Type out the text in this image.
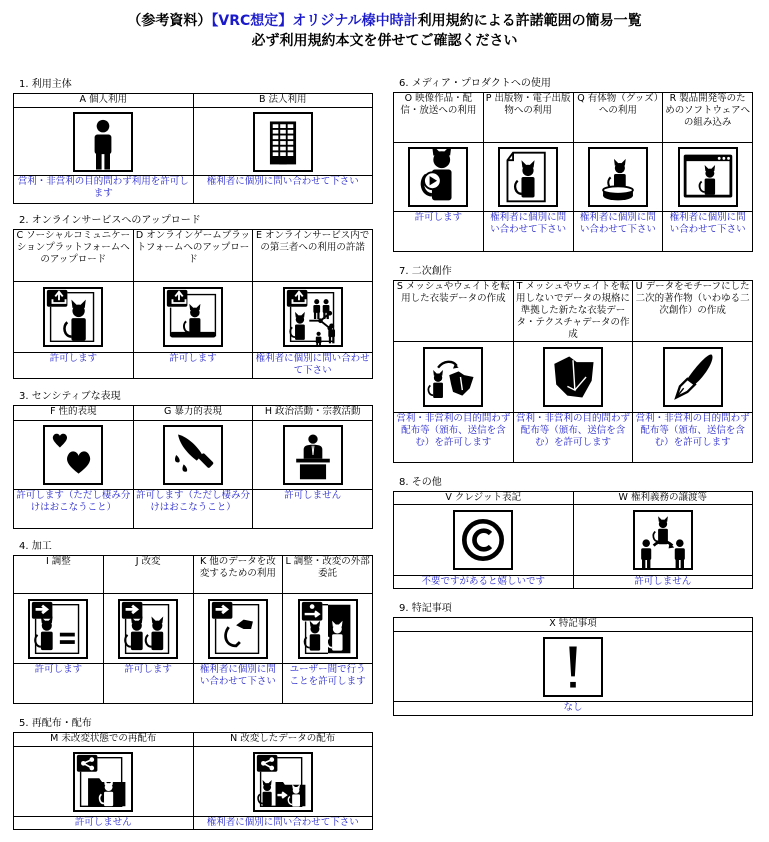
（参考資料）【VRC想定】オリジナル榛中時計利用規約による許諾範囲の簡易一覧
必ず利用規約本文を併せてご確認ください
1. 利用主体
A 個人利用	B 法人利用

営利・非営利の目的問わず利用を許可します	権利者に個別に問い合わせて下さい
2. オンラインサービスへのアップロード
C ソーシャルコミュニケーションプラットフォームへのアップロード	D オンラインゲームプラットフォームへのアップロード	E オンラインサービス内での第三者への利用の許諾

許可します	許可します	権利者に個別に問い合わせて下さい
3. センシティブな表現
F 性的表現	G 暴力的表現	H 政治活動・宗教活動

許可します（ただし棲み分けはおこなうこと）	許可します（ただし棲み分けはおこなうこと）	許可しません
4. 加工
I 調整	J 改変	K 他のデータを改変するための利用	L 調整・改変の外部委託

許可します	許可します	権利者に個別に問い合わせて下さい	ユーザー間で行うことを許可します
5. 再配布・配布
M 未改変状態での再配布	N 改変したデータの配布

許可しません	権利者に個別に問い合わせて下さい
6. メディア・プロダクトへの使用
O 映像作品・配信・放送への利用	P 出版物・電子出版物への利用	Q 有体物（グッズ）への利用	R 製品開発等のためのソフトウェアへの組み込み

許可します	権利者に個別に問い合わせて下さい	権利者に個別に問い合わせて下さい	権利者に個別に問い合わせて下さい
7. 二次創作
S メッシュやウェイトを転用した衣装データの作成	T メッシュやウェイトを転用しないでデータの規格に準拠した新たな衣装データ・テクスチャデータの作成	U データをモチーフにした二次的著作物（いわゆる二次創作）の作成

営利・非営利の目的問わず配布等（頒布、送信を含む）を許可します	営利・非営利の目的問わず配布等（頒布、送信を含む）を許可します	営利・非営利の目的問わず配布等（頒布、送信を含む）を許可します
8. その他
V クレジット表記	W 権利義務の譲渡等

不要ですがあると嬉しいです	許可しません
9. 特記事項
X 特記事項

なし
